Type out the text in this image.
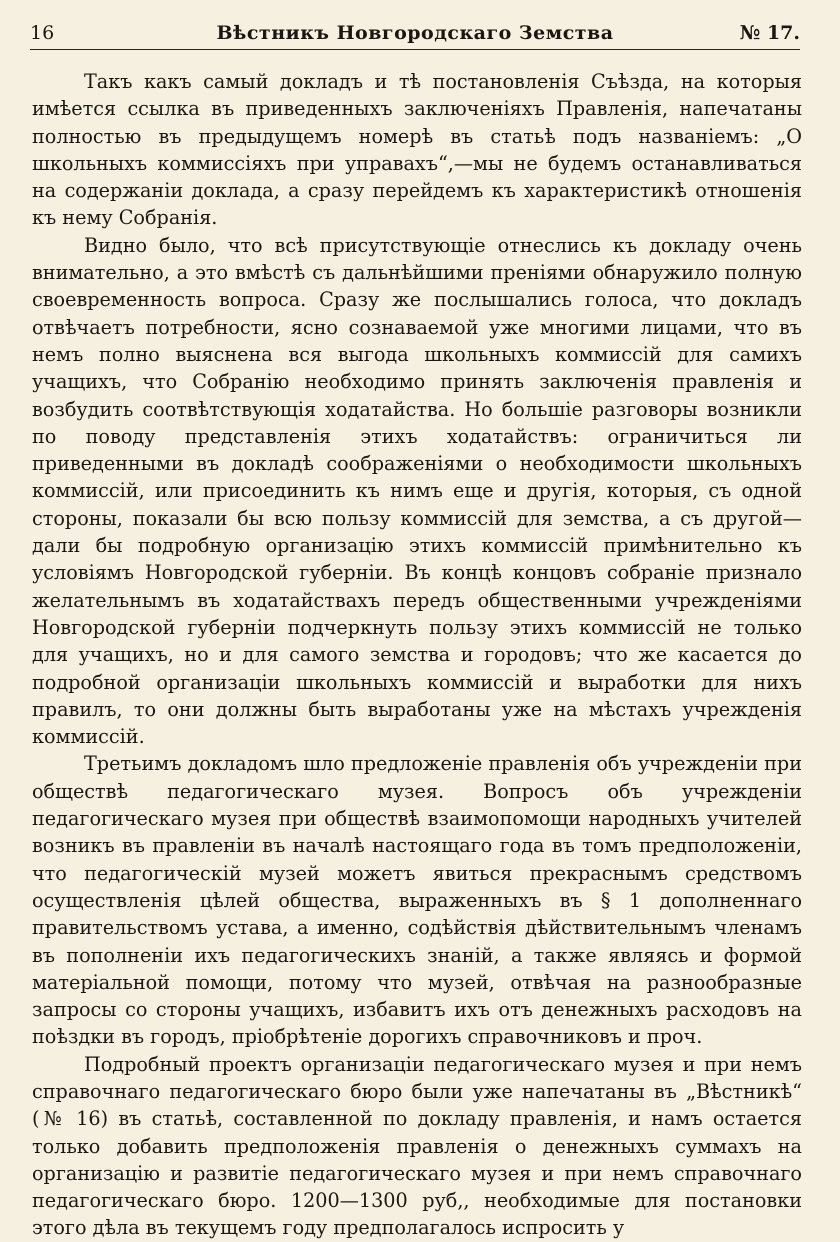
16	Вѣстникъ Новгородскаго Земства	№ 17.

Такъ какъ самый докладъ и тѣ постановленія Съѣзда, на которыя имѣется ссылка въ приведенныхъ заключеніяхъ Правленія, напечатаны полностью въ предыдущемъ номерѣ въ статьѣ подъ названіемъ: „О школьныхъ коммиссіяхъ при управахъ“,—мы не будемъ останавливаться на содержаніи доклада, а сразу перейдемъ къ характеристикѣ отношенія къ нему Собранія.

Видно было, что всѣ присутствующіе отнеслись къ докладу очень внимательно, а это вмѣстѣ съ дальнѣйшими преніями обнаружило полную своевременность вопроса. Сразу же послышались голоса, что докладъ отвѣчаетъ потребности, ясно сознаваемой уже многими лицами, что въ немъ полно выяснена вся выгода школьныхъ коммиссій для самихъ учащихъ, что Собранію необходимо принять заключенія правленія и возбудить соотвѣтствующія ходатайства. Но большіе разговоры возникли по поводу представленія этихъ ходатайствъ: ограничиться ли приведенными въ докладѣ соображеніями о необходимости школьныхъ коммиссій, или присоединить къ нимъ еще и другія, которыя, съ одной стороны, показали бы всю пользу коммиссій для земства, а съ другой—дали бы подробную организацію этихъ коммиссій примѣнительно къ условіямъ Новгородской губерніи. Въ концѣ концовъ собраніе признало желательнымъ въ ходатайствахъ передъ общественными учрежденіями Новгородской губерніи подчеркнуть пользу этихъ коммиссій не только для учащихъ, но и для самого земства и городовъ; что же касается до подробной организаціи школьныхъ коммиссій и выработки для нихъ правилъ, то они должны быть выработаны уже на мѣстахъ учрежденія коммиссій.

Третьимъ докладомъ шло предложеніе правленія объ учрежденіи при обществѣ педагогическаго музея. Вопросъ объ учрежденіи педагогическаго музея при обществѣ взаимопомощи народныхъ учителей возникъ въ правленіи въ началѣ настоящаго года въ томъ предположеніи, что педагогическій музей можетъ явиться прекраснымъ средствомъ осуществленія цѣлей общества, выраженныхъ въ § 1 дополненнаго правительствомъ устава, а именно, содѣйствія дѣйствительнымъ членамъ въ пополненіи ихъ педагогическихъ знаній, а также являясь и формой матеріальной помощи, потому что музей, отвѣчая на разнообразные запросы со стороны учащихъ, избавитъ ихъ отъ денежныхъ расходовъ на поѣздки въ городъ, пріобрѣтеніе дорогихъ справочниковъ и проч.

Подробный проектъ организаціи педагогическаго музея и при немъ справочнаго педагогическаго бюро были уже напечатаны въ „Вѣстникѣ“ (№ 16) въ статьѣ, составленной по докладу правленія, и намъ остается только добавить предположенія правленія о денежныхъ суммахъ на организацію и развитіе педагогическаго музея и при немъ справочнаго педагогическаго бюро. 1200—1300 руб,, необходимые для постановки этого дѣла въ текущемъ году предполагалось испросить у
